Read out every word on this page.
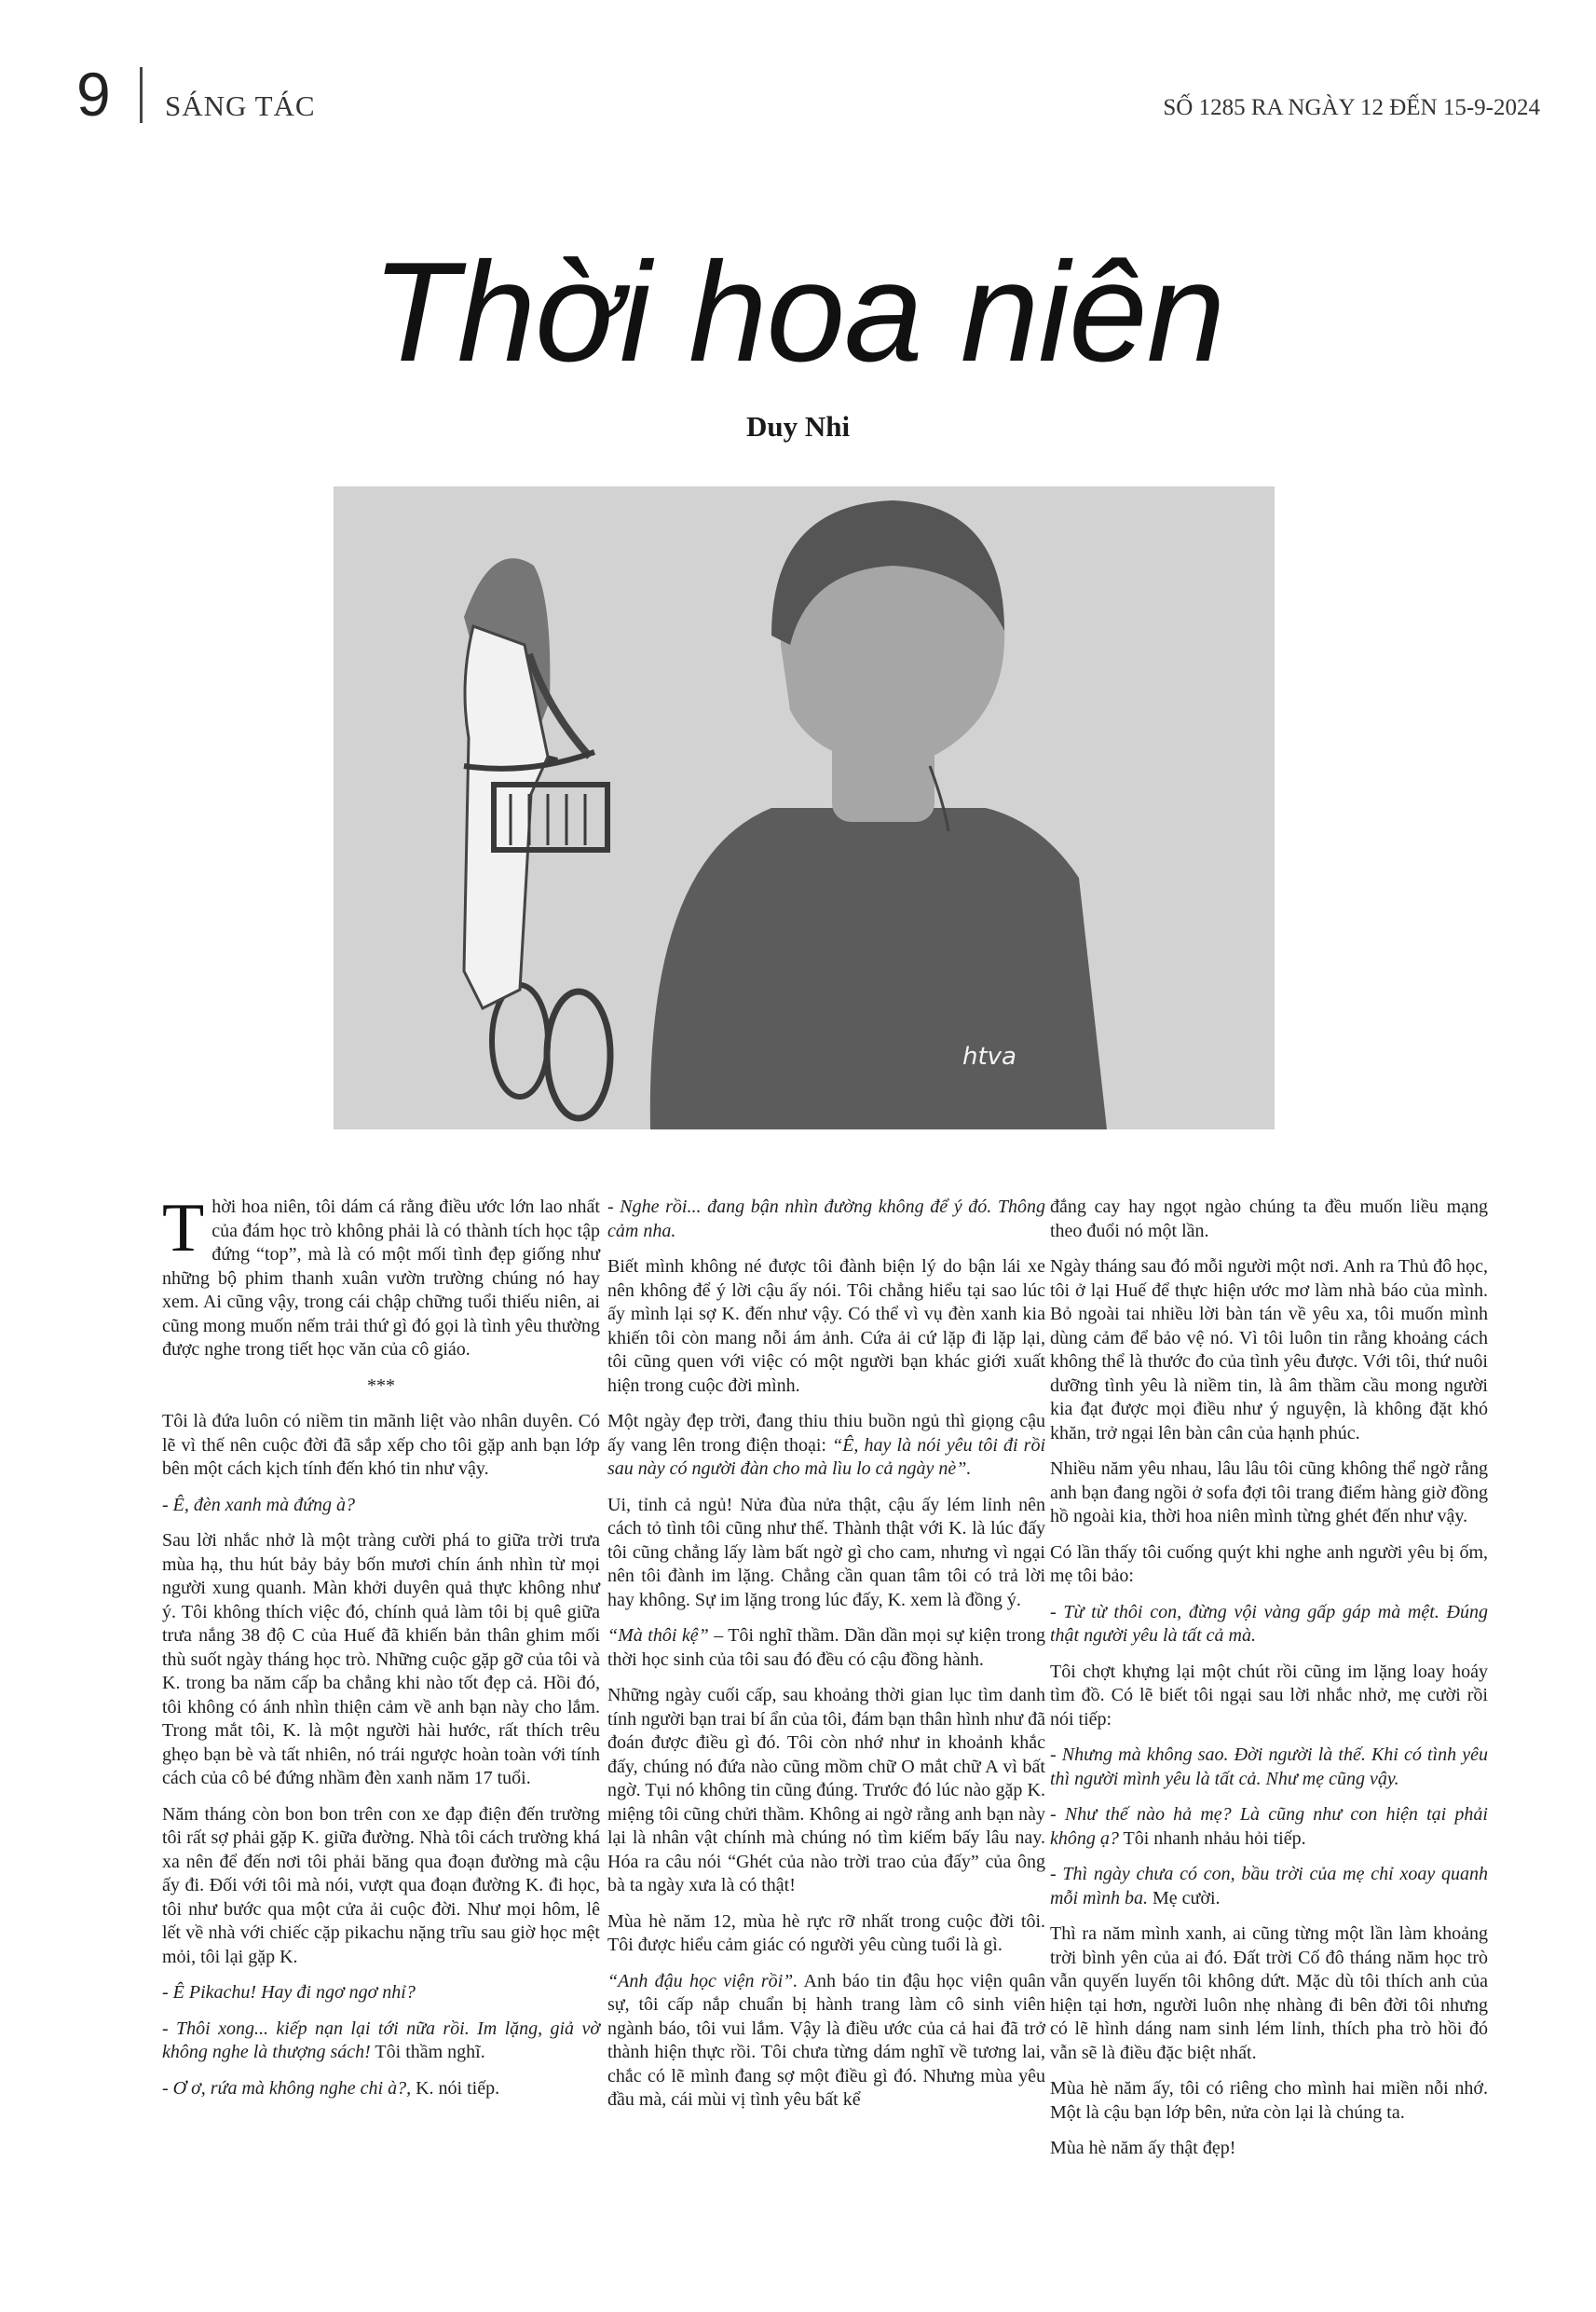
9 SÁNG TÁC	SỐ 1285 RA NGÀY 12 ĐẾN 15-9-2024
Thời hoa niên
Duy Nhi
htva

Thời hoa niên, tôi dám cá rằng điều ước lớn lao nhất của đám học trò không phải là có thành tích học tập đứng “top”, mà là có một mối tình đẹp giống như những bộ phim thanh xuân vườn trường chúng nó hay xem. Ai cũng vậy, trong cái chập chững tuổi thiếu niên, ai cũng mong muốn nếm trải thứ gì đó gọi là tình yêu thường được nghe trong tiết học văn của cô giáo.

***

Tôi là đứa luôn có niềm tin mãnh liệt vào nhân duyên. Có lẽ vì thế nên cuộc đời đã sắp xếp cho tôi gặp anh bạn lớp bên một cách kịch tính đến khó tin như vậy.

- Ê, đèn xanh mà đứng à?

Sau lời nhắc nhở là một tràng cười phá to giữa trời trưa mùa hạ, thu hút bảy bảy bốn mươi chín ánh nhìn từ mọi người xung quanh. Màn khởi duyên quả thực không như ý. Tôi không thích việc đó, chính quả làm tôi bị quê giữa trưa nắng 38 độ C của Huế đã khiến bản thân ghim mối thù suốt ngày tháng học trò. Những cuộc gặp gỡ của tôi và K. trong ba năm cấp ba chẳng khi nào tốt đẹp cả. Hồi đó, tôi không có ánh nhìn thiện cảm về anh bạn này cho lắm. Trong mắt tôi, K. là một người hài hước, rất thích trêu ghẹo bạn bè và tất nhiên, nó trái ngược hoàn toàn với tính cách của cô bé đứng nhầm đèn xanh năm 17 tuổi.

Năm tháng còn bon bon trên con xe đạp điện đến trường tôi rất sợ phải gặp K. giữa đường. Nhà tôi cách trường khá xa nên để đến nơi tôi phải băng qua đoạn đường mà cậu ấy đi. Đối với tôi mà nói, vượt qua đoạn đường K. đi học, tôi như bước qua một cửa ải cuộc đời. Như mọi hôm, lê lết về nhà với chiếc cặp pikachu nặng trĩu sau giờ học mệt mỏi, tôi lại gặp K.

- Ê Pikachu! Hay đi ngơ ngơ nhỉ?

- Thôi xong... kiếp nạn lại tới nữa rồi. Im lặng, giả vờ không nghe là thượng sách! Tôi thầm nghĩ.

- Ơ ơ, rứa mà không nghe chi à?, K. nói tiếp.

- Nghe rồi... đang bận nhìn đường không để ý đó. Thông cảm nha.

Biết mình không né được tôi đành biện lý do bận lái xe nên không để ý lời cậu ấy nói. Tôi chẳng hiểu tại sao lúc ấy mình lại sợ K. đến như vậy. Có thể vì vụ đèn xanh kia khiến tôi còn mang nỗi ám ảnh. Cứa ải cứ lặp đi lặp lại, tôi cũng quen với việc có một người bạn khác giới xuất hiện trong cuộc đời mình.

Một ngày đẹp trời, đang thiu thiu buồn ngủ thì giọng cậu ấy vang lên trong điện thoại: “Ê, hay là nói yêu tôi đi rồi sau này có người đàn cho mà lìu lo cả ngày nè”.

Ui, tỉnh cả ngủ! Nửa đùa nửa thật, cậu ấy lém lỉnh nên cách tỏ tình tôi cũng như thế. Thành thật với K. là lúc đấy tôi cũng chẳng lấy làm bất ngờ gì cho cam, nhưng vì ngại nên tôi đành im lặng. Chẳng cần quan tâm tôi có trả lời hay không. Sự im lặng trong lúc đấy, K. xem là đồng ý.

“Mà thôi kệ” – Tôi nghĩ thầm. Dần dần mọi sự kiện trong thời học sinh của tôi sau đó đều có cậu đồng hành.

Những ngày cuối cấp, sau khoảng thời gian lục tìm danh tính người bạn trai bí ẩn của tôi, đám bạn thân hình như đã đoán được điều gì đó. Tôi còn nhớ như in khoảnh khắc đấy, chúng nó đứa nào cũng mồm chữ O mắt chữ A vì bất ngờ. Tụi nó không tin cũng đúng. Trước đó lúc nào gặp K. miệng tôi cũng chửi thầm. Không ai ngờ rằng anh bạn này lại là nhân vật chính mà chúng nó tìm kiếm bấy lâu nay. Hóa ra câu nói “Ghét của nào trời trao của đấy” của ông bà ta ngày xưa là có thật!

Mùa hè năm 12, mùa hè rực rỡ nhất trong cuộc đời tôi. Tôi được hiểu cảm giác có người yêu cùng tuổi là gì.

“Anh đậu học viện rồi”. Anh báo tin đậu học viện quân sự, tôi cấp nắp chuẩn bị hành trang làm cô sinh viên ngành báo, tôi vui lắm. Vậy là điều ước của cả hai đã trở thành hiện thực rồi. Tôi chưa từng dám nghĩ về tương lai, chắc có lẽ mình đang sợ một điều gì đó. Nhưng mùa yêu đầu mà, cái mùi vị tình yêu bất kể

đắng cay hay ngọt ngào chúng ta đều muốn liều mạng theo đuổi nó một lần.

Ngày tháng sau đó mỗi người một nơi. Anh ra Thủ đô học, tôi ở lại Huế để thực hiện ước mơ làm nhà báo của mình. Bỏ ngoài tai nhiều lời bàn tán về yêu xa, tôi muốn mình dùng cảm để bảo vệ nó. Vì tôi luôn tin rằng khoảng cách không thể là thước đo của tình yêu được. Với tôi, thứ nuôi dưỡng tình yêu là niềm tin, là âm thầm cầu mong người kia đạt được mọi điều như ý nguyện, là không đặt khó khăn, trở ngại lên bàn cân của hạnh phúc.

Nhiều năm yêu nhau, lâu lâu tôi cũng không thể ngờ rằng anh bạn đang ngồi ở sofa đợi tôi trang điểm hàng giờ đồng hồ ngoài kia, thời hoa niên mình từng ghét đến như vậy.

Có lần thấy tôi cuống quýt khi nghe anh người yêu bị ốm, mẹ tôi bảo:

- Từ từ thôi con, đừng vội vàng gấp gáp mà mệt. Đúng thật người yêu là tất cả mà.

Tôi chợt khựng lại một chút rồi cũng im lặng loay hoáy tìm đồ. Có lẽ biết tôi ngại sau lời nhắc nhở, mẹ cười rồi nói tiếp:

- Nhưng mà không sao. Đời người là thế. Khi có tình yêu thì người mình yêu là tất cả. Như mẹ cũng vậy.

- Như thế nào hả mẹ? Là cũng như con hiện tại phải không ạ? Tôi nhanh nhảu hỏi tiếp.

- Thì ngày chưa có con, bầu trời của mẹ chỉ xoay quanh mỗi mình ba. Mẹ cười.

Thì ra năm mình xanh, ai cũng từng một lần làm khoảng trời bình yên của ai đó. Đất trời Cố đô tháng năm học trò vẫn quyến luyến tôi không dứt. Mặc dù tôi thích anh của hiện tại hơn, người luôn nhẹ nhàng đi bên đời tôi nhưng có lẽ hình dáng nam sinh lém lỉnh, thích pha trò hồi đó vẫn sẽ là điều đặc biệt nhất.

Mùa hè năm ấy, tôi có riêng cho mình hai miền nỗi nhớ. Một là cậu bạn lớp bên, nửa còn lại là chúng ta.

Mùa hè năm ấy thật đẹp!
